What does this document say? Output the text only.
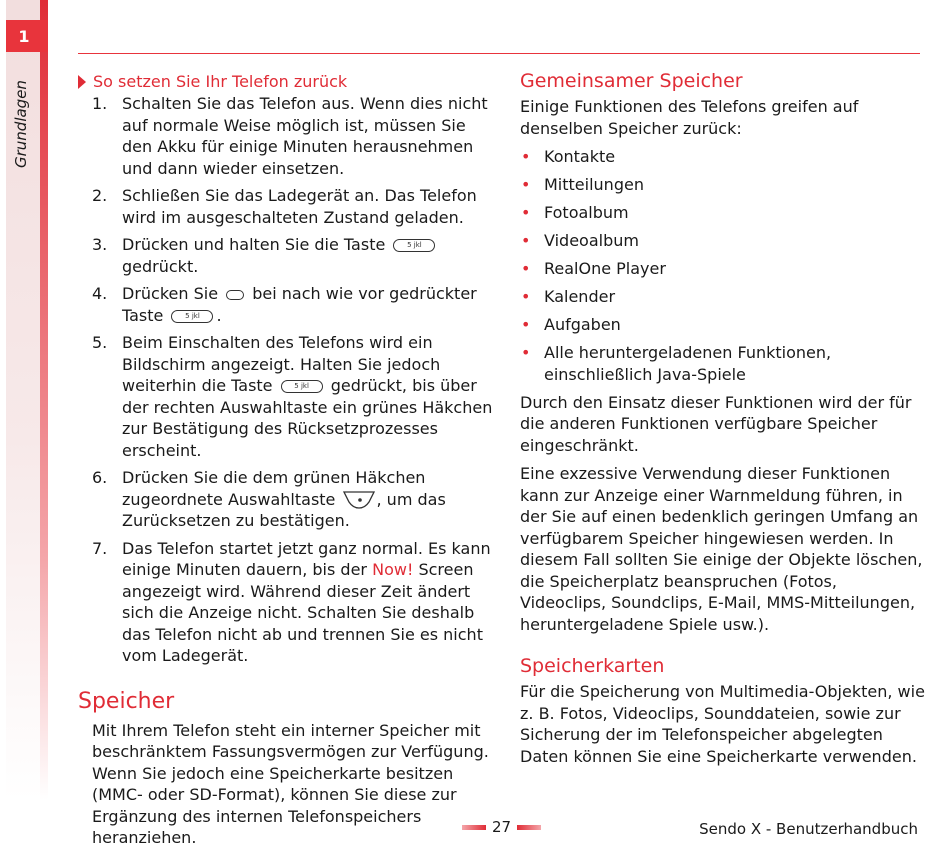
1
Grundlagen	So setzen Sie Ihr Telefon zurück
1. Schalten Sie das Telefon aus. Wenn dies nicht auf normale Weise möglich ist, müssen Sie den Akku für einige Minuten herausnehmen und dann wieder einsetzen.
2. Schließen Sie das Ladegerät an. Das Telefon wird im ausgeschalteten Zustand geladen.
3. Drücken und halten Sie die Taste	5 jkl gedrückt.
4. Drücken Sie bei nach wie vor gedrückter Taste	5 jkl .
5. Beim Einschalten des Telefons wird ein Bildschirm angezeigt. Halten Sie jedoch weiterhin die Taste	5 jkl gedrückt, bis über der rechten Auswahltaste ein grünes Häkchen zur Bestätigung des Rücksetzprozesses erscheint.
6. Drücken Sie die dem grünen Häkchen zugeordnete Auswahltaste	, um das Zurücksetzen zu bestätigen.
7. Das Telefon startet jetzt ganz normal. Es kann einige Minuten dauern, bis der Now! Screen angezeigt wird. Während dieser Zeit ändert sich die Anzeige nicht. Schalten Sie deshalb das Telefon nicht ab und trennen Sie es nicht vom Ladegerät.
Speicher

Mit Ihrem Telefon steht ein interner Speicher mit beschränktem Fassungsvermögen zur Verfügung. Wenn Sie jedoch eine Speicherkarte besitzen (MMC- oder SD-Format), können Sie diese zur Ergänzung des internen Telefonspeichers heranziehen.

Gemeinsamer Speicher

Einige Funktionen des Telefons greifen auf denselben Speicher zurück:

• Kontakte
• Mitteilungen
• Fotoalbum
• Videoalbum
• RealOne Player
• Kalender
• Aufgaben
• Alle heruntergeladenen Funktionen, einschließlich Java-Spiele

Durch den Einsatz dieser Funktionen wird der für die anderen Funktionen verfügbare Speicher eingeschränkt.

Eine exzessive Verwendung dieser Funktionen kann zur Anzeige einer Warnmeldung führen, in der Sie auf einen bedenklich geringen Umfang an verfügbarem Speicher hingewiesen werden. In diesem Fall sollten Sie einige der Objekte löschen, die Speicherplatz beanspruchen (Fotos, Videoclips, Soundclips, E-Mail, MMS-Mitteilungen, heruntergeladene Spiele usw.).

Speicherkarten

Für die Speicherung von Multimedia-Objekten, wie z. B. Fotos, Videoclips, Sounddateien, sowie zur Sicherung der im Telefonspeicher abgelegten Daten können Sie eine Speicherkarte verwenden.

27	Sendo X - Benutzerhandbuch
